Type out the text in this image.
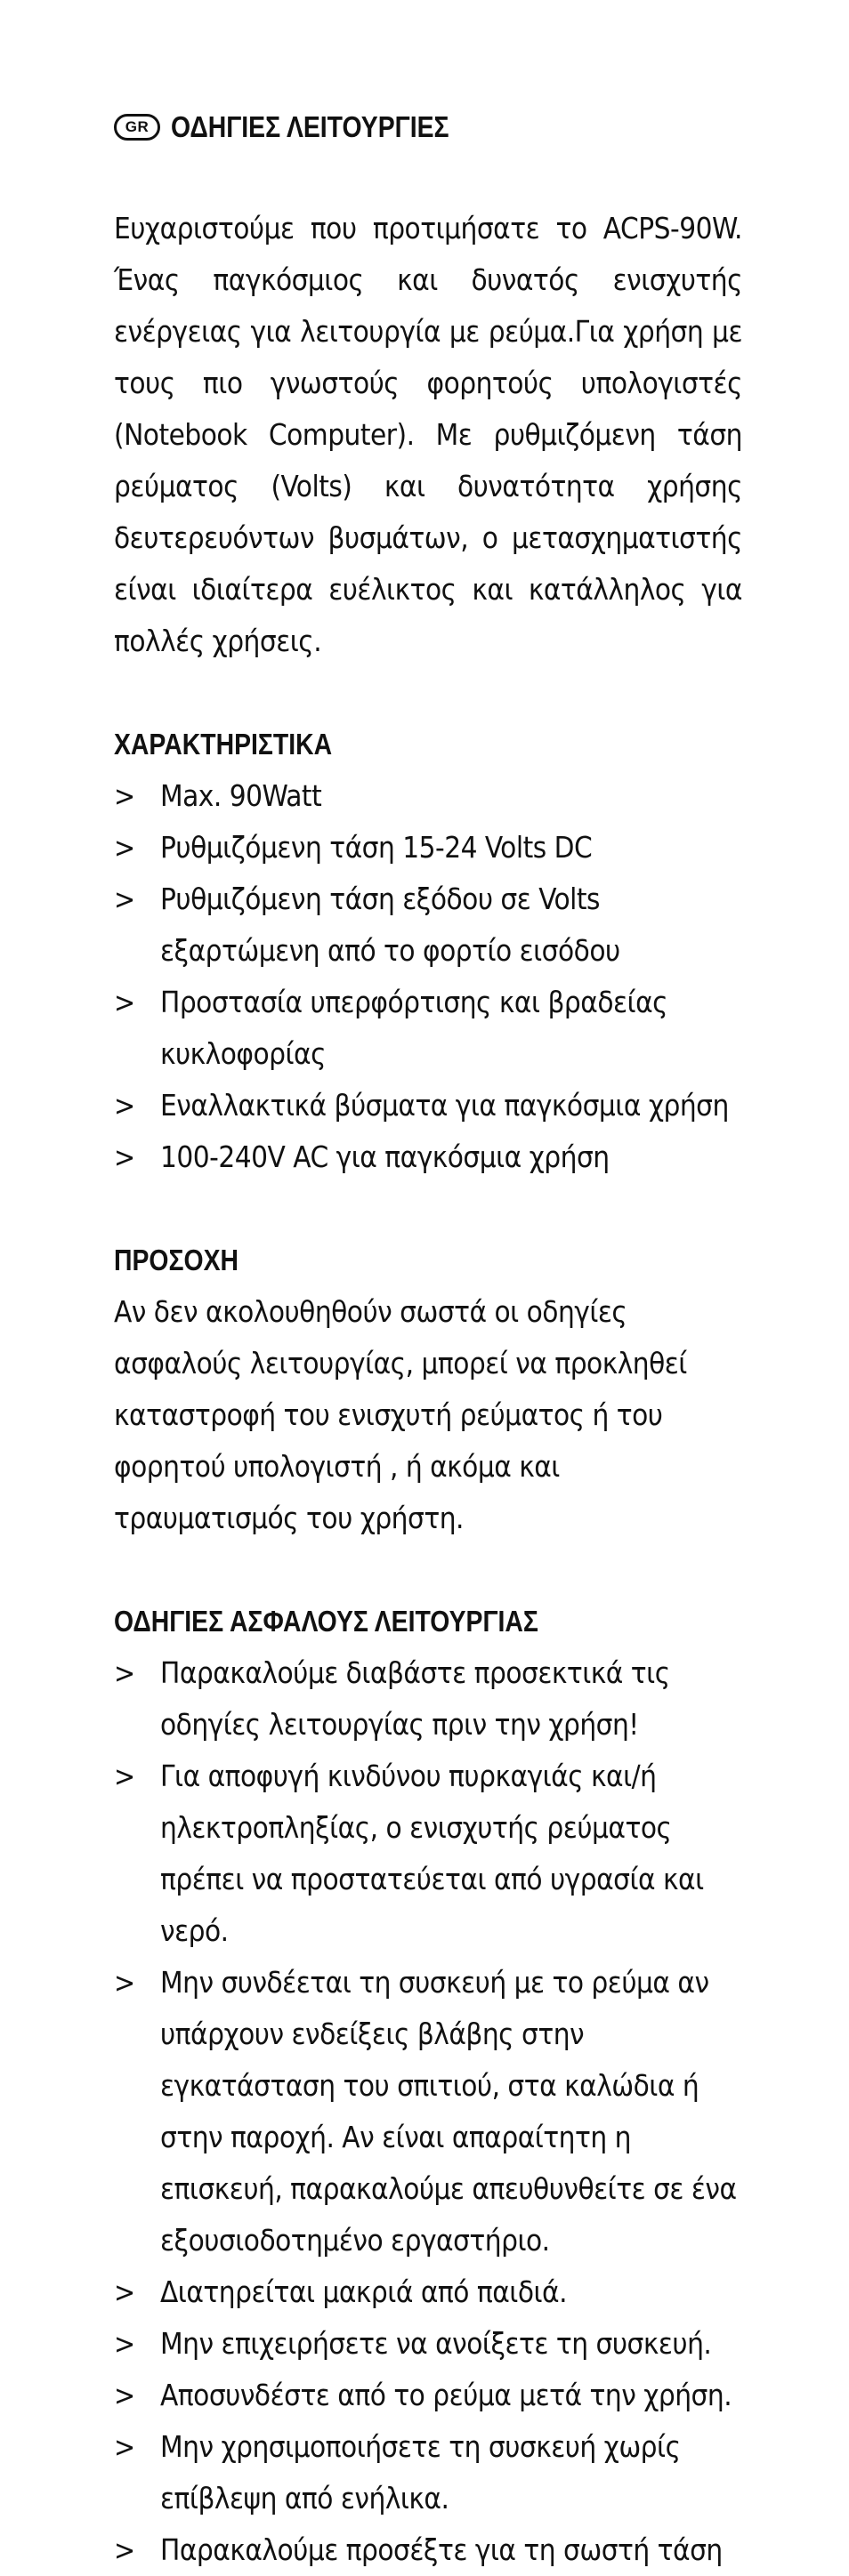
GR ΟΔΗΓΙΕΣ ΛΕΙΤΟΥΡΓΙΕΣ
Ευχαριστούμε που προτιμήσατε το ACPS-90W. Ένας παγκόσμιος και δυνατός ενισχυτής ενέργειας για λειτουργία με ρεύμα.Για χρήση με τους πιο γνωστούς φορητούς υπολογιστές (Notebook Computer). Με ρυθμιζόμενη τάση ρεύματος (Volts) και δυνατότητα χρήσης δευτερευόντων βυσμάτων, ο μετασχηματιστής είναι ιδιαίτερα ευέλικτος και κατάλληλος για πολλές χρήσεις.
ΧΑΡΑΚΤΗΡΙΣΤΙΚΑ
> Max. 90Watt
> Ρυθμιζόμενη τάση 15-24 Volts DC
> Ρυθμιζόμενη τάση εξόδου σε Volts εξαρτώμενη από το φορτίο εισόδου
> Προστασία υπερφόρτισης και βραδείας κυκλοφορίας
> Εναλλακτικά βύσματα για παγκόσμια χρήση
> 100-240V AC για παγκόσμια χρήση
ΠΡΟΣΟΧΗ
Αν δεν ακολουθηθούν σωστά οι οδηγίες ασφαλούς λειτουργίας, μπορεί να προκληθεί καταστροφή του ενισχυτή ρεύματος ή του φορητού υπολογιστή , ή ακόμα και τραυματισμός του χρήστη.
ΟΔΗΓΙΕΣ ΑΣΦΑΛΟΥΣ ΛΕΙΤΟΥΡΓΙΑΣ
> Παρακαλούμε διαβάστε προσεκτικά τις οδηγίες λειτουργίας πριν την χρήση!
> Για αποφυγή κινδύνου πυρκαγιάς και/ή ηλεκτροπληξίας, ο ενισχυτής ρεύματος πρέπει να προστατεύεται από υγρασία και νερό.
> Μην συνδέεται τη συσκευή με το ρεύμα αν υπάρχουν ενδείξεις βλάβης στην εγκατάσταση του σπιτιού, στα καλώδια ή στην παροχή. Αν είναι απαραίτητη η επισκευή, παρακαλούμε απευθυνθείτε σε ένα εξουσιοδοτημένο εργαστήριο.
> Διατηρείται μακριά από παιδιά.
> Μην επιχειρήσετε να ανοίξετε τη συσκευή.
> Αποσυνδέστε από το ρεύμα μετά την χρήση.
> Μην χρησιμοποιήσετε τη συσκευή χωρίς επίβλεψη από ενήλικα.
> Παρακαλούμε προσέξτε για τη σωστή τάση
